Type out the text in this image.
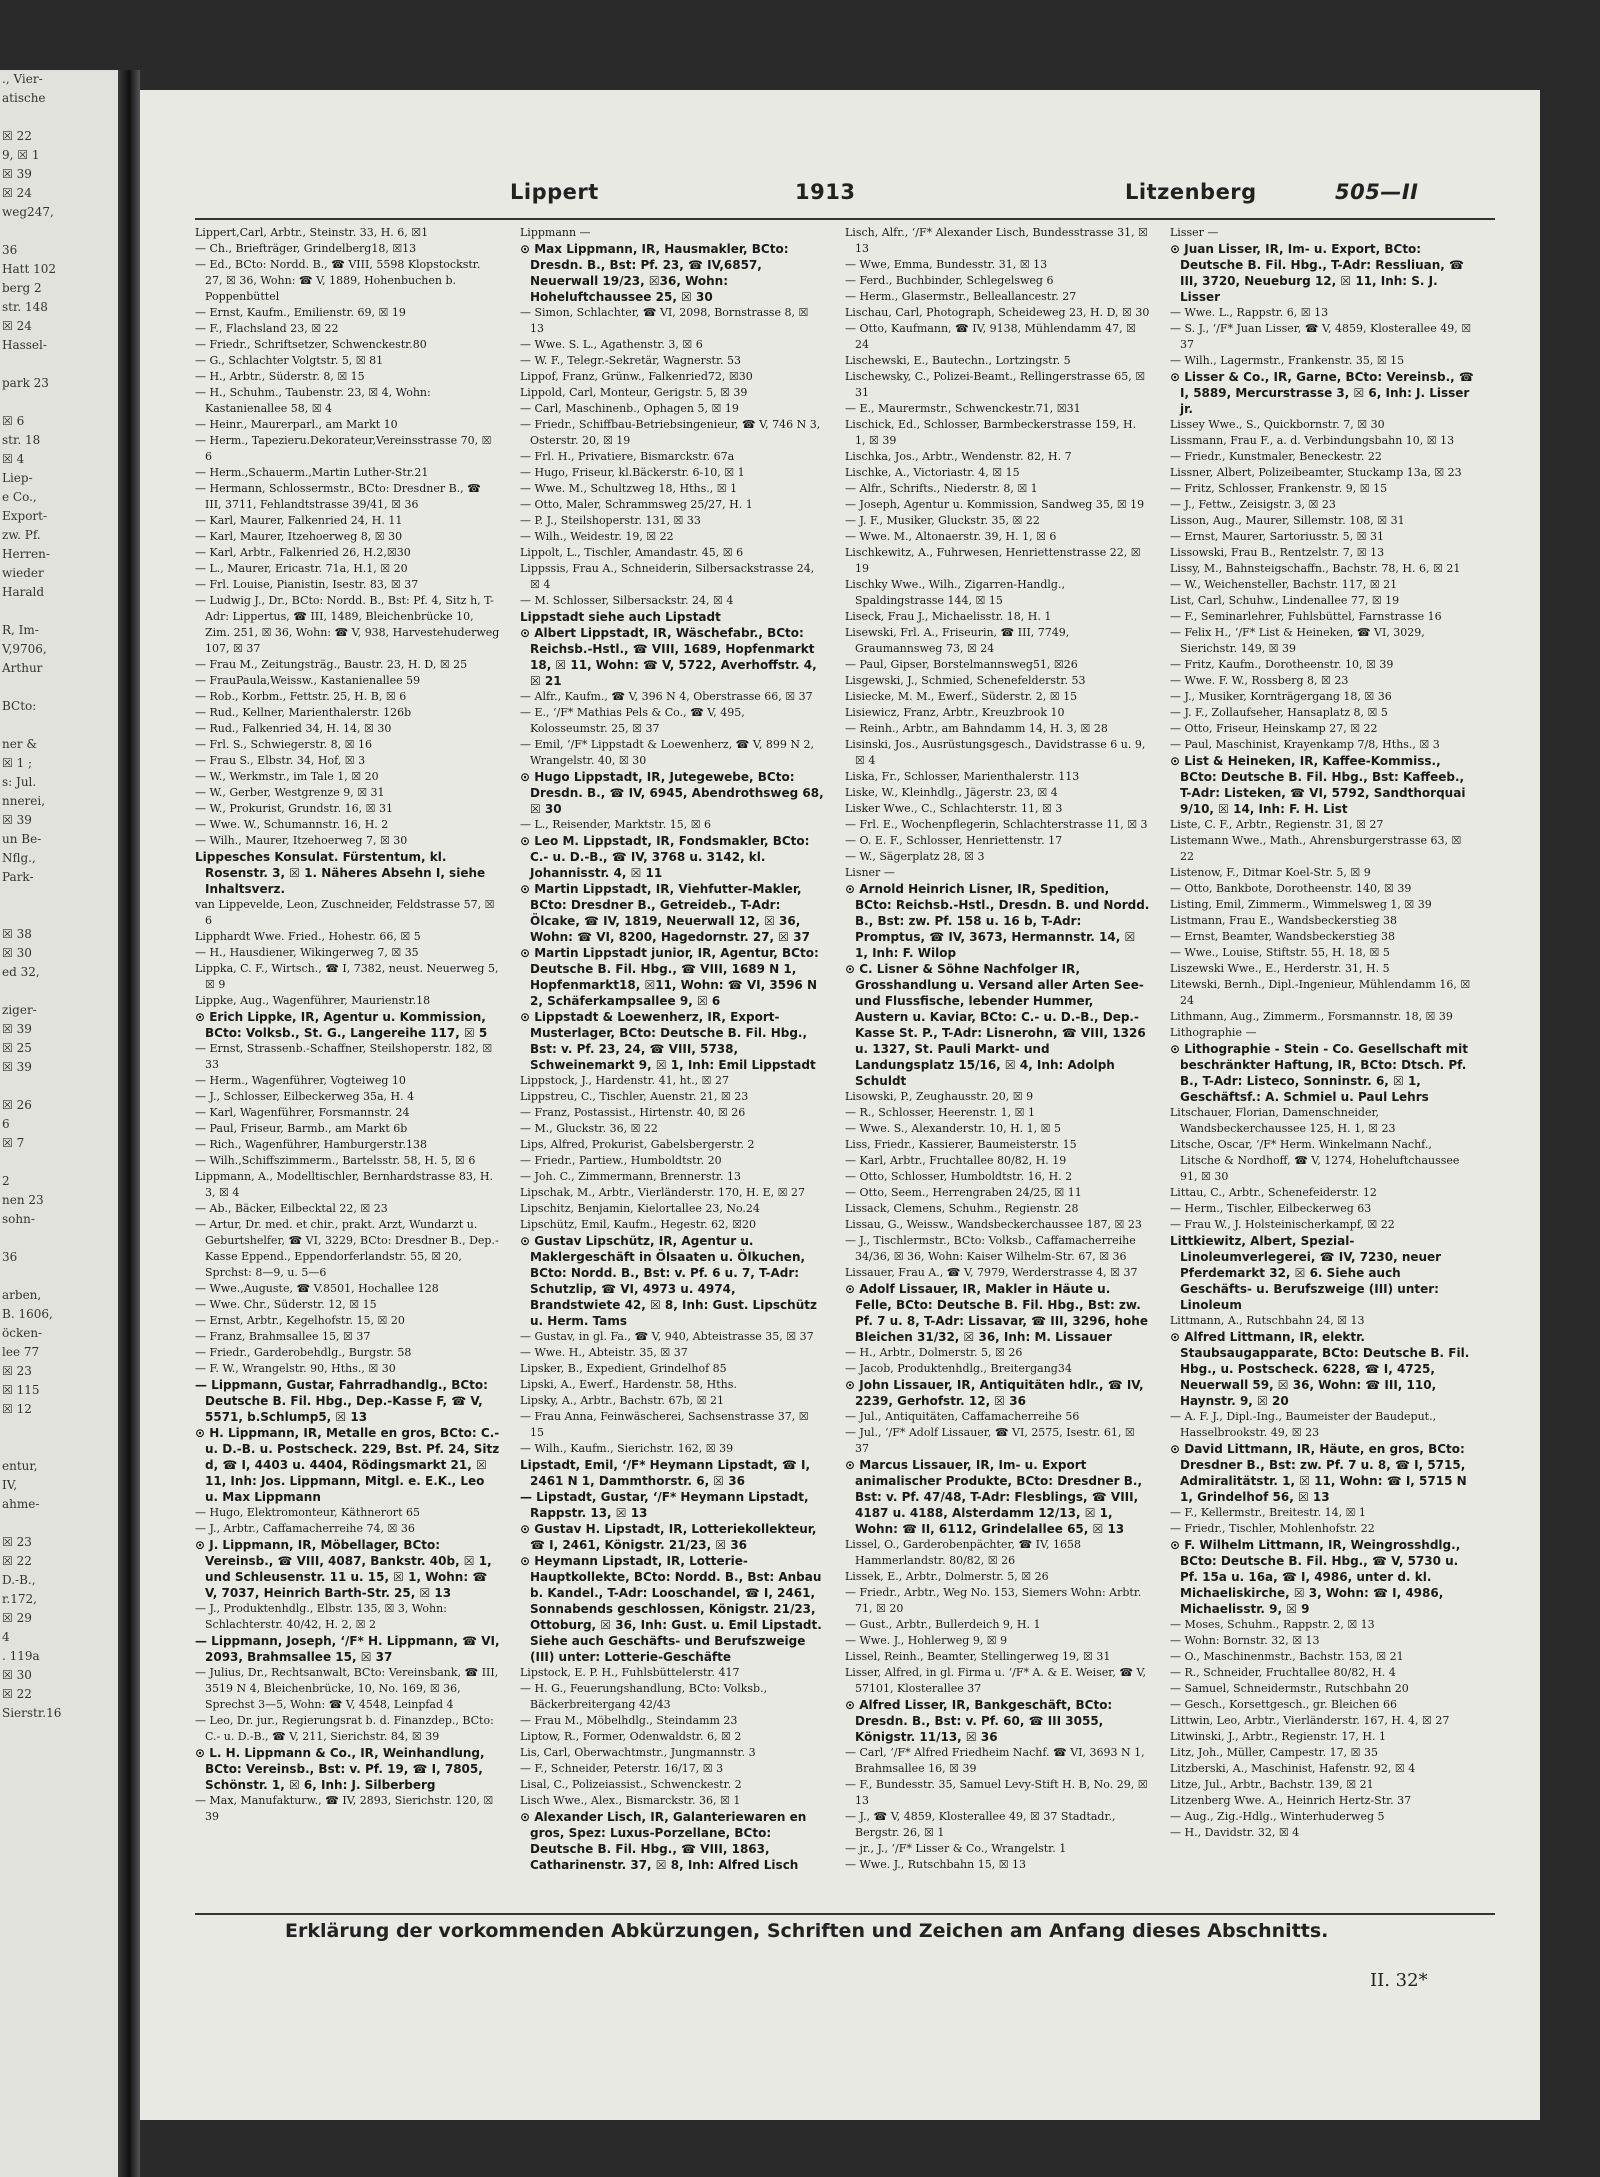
., Vier-

atische

☒ 22

9, ☒ 1

☒ 39

☒ 24

weg247,

36

Hatt 102

berg 2

str. 148

☒ 24

Hassel-

park 23

☒ 6

str. 18

☒ 4

Liep-

e Co.,

Export-

zw. Pf.

Herren-

wieder

Harald

R, Im-

V,9706,

Arthur

BCto:

ner &

☒ 1 ;

s: Jul.

nnerei,

☒ 39

un Be-

Nflg.,

Park-

☒ 38

☒ 30

ed 32,

ziger-

☒ 39

☒ 25

☒ 39

☒ 26

6

☒ 7

2

nen 23

sohn-

36

arben,

B. 1606,

öcken-

lee 77

☒ 23

☒ 115

☒ 12

entur,

IV,

ahme-

☒ 23

☒ 22

D.-B.,

r.172,

☒ 29

4

. 119a

☒ 30

☒ 22

Sierstr.16

Lippert	1913	Litzenberg	505—II

Lippert,Carl, Arbtr., Steinstr. 33, H. 6, ☒1

— Ch., Briefträger, Grindelberg18, ☒13

— Ed., BCto: Nordd. B., ☎ VIII, 5598 Klopstockstr. 27, ☒ 36, Wohn: ☎ V, 1889, Hohenbuchen b. Poppenbüttel

— Ernst, Kaufm., Emilienstr. 69, ☒ 19

— F., Flachsland 23, ☒ 22

— Friedr., Schriftsetzer, Schwenckestr.80

— G., Schlachter Volgtstr. 5, ☒ 81

— H., Arbtr., Süderstr. 8, ☒ 15

— H., Schuhm., Taubenstr. 23, ☒ 4, Wohn: Kastanienallee 58, ☒ 4

— Heinr., Maurerparl., am Markt 10

— Herm., Tapezieru.Dekorateur,Vereinsstrasse 70, ☒ 6

— Herm.,Schauerm.,Martin Luther-Str.21

— Hermann, Schlossermstr., BCto: Dresdner B., ☎ III, 3711, Fehlandtstrasse 39/41, ☒ 36

— Karl, Maurer, Falkenried 24, H. 11

— Karl, Maurer, Itzehoerweg 8, ☒ 30

— Karl, Arbtr., Falkenried 26, H.2,☒30

— L., Maurer, Ericastr. 71a, H.1, ☒ 20

— Frl. Louise, Pianistin, Isestr. 83, ☒ 37

— Ludwig J., Dr., BCto: Nordd. B., Bst: Pf. 4, Sitz h, T-Adr: Lippertus, ☎ III, 1489, Bleichenbrücke 10, Zim. 251, ☒ 36, Wohn: ☎ V, 938, Harvestehuderweg 107, ☒ 37

— Frau M., Zeitungsträg., Baustr. 23, H. D, ☒ 25

— FrauPaula,Weissw., Kastanienallee 59

— Rob., Korbm., Fettstr. 25, H. B, ☒ 6

— Rud., Kellner, Marienthalerstr. 126b

— Rud., Falkenried 34, H. 14, ☒ 30

— Frl. S., Schwiegerstr. 8, ☒ 16

— Frau S., Elbstr. 34, Hof, ☒ 3

— W., Werkmstr., im Tale 1, ☒ 20

— W., Gerber, Westgrenze 9, ☒ 31

— W., Prokurist, Grundstr. 16, ☒ 31

— Wwe. W., Schumannstr. 16, H. 2

— Wilh., Maurer, Itzehoerweg 7, ☒ 30

Lippesches Konsulat. Fürstentum, kl. Rosenstr. 3, ☒ 1. Näheres Absehn I, siehe Inhaltsverz.

van Lippevelde, Leon, Zuschneider, Feldstrasse 57, ☒ 6

Lipphardt Wwe. Fried., Hohestr. 66, ☒ 5

— H., Hausdiener, Wikingerweg 7, ☒ 35

Lippka, C. F., Wirtsch., ☎ I, 7382, neust. Neuerweg 5, ☒ 9

Lippke, Aug., Wagenführer, Maurienstr.18

⊙ Erich Lippke, IR, Agentur u. Kommission, BCto: Volksb., St. G., Langereihe 117, ☒ 5

— Ernst, Strassenb.-Schaffner, Steilshoperstr. 182, ☒ 33

— Herm., Wagenführer, Vogteiweg 10

— J., Schlosser, Eilbeckerweg 35a, H. 4

— Karl, Wagenführer, Forsmannstr. 24

— Paul, Friseur, Barmb., am Markt 6b

— Rich., Wagenführer, Hamburgerstr.138

— Wilh.,Schiffszimmerm., Bartelsstr. 58, H. 5, ☒ 6

Lippmann, A., Modelltischler, Bernhardstrasse 83, H. 3, ☒ 4

— Ab., Bäcker, Eilbecktal 22, ☒ 23

— Artur, Dr. med. et chir., prakt. Arzt, Wundarzt u. Geburtshelfer, ☎ VI, 3229, BCto: Dresdner B., Dep.-Kasse Eppend., Eppendorferlandstr. 55, ☒ 20, Sprchst: 8—9, u. 5—6

— Wwe.,Auguste, ☎ V.8501, Hochallee 128

— Wwe. Chr., Süderstr. 12, ☒ 15

— Ernst, Arbtr., Kegelhofstr. 15, ☒ 20

— Franz, Brahmsallee 15, ☒ 37

— Friedr., Garderobehdlg., Burgstr. 58

— F. W., Wrangelstr. 90, Hths., ☒ 30

— Lippmann, Gustar, Fahrradhandlg., BCto: Deutsche B. Fil. Hbg., Dep.-Kasse F, ☎ V, 5571, b.Schlump5, ☒ 13

⊙ H. Lippmann, IR, Metalle en gros, BCto: C.- u. D.-B. u. Postscheck. 229, Bst. Pf. 24, Sitz d, ☎ I, 4403 u. 4404, Rödingsmarkt 21, ☒ 11, Inh: Jos. Lippmann, Mitgl. e. E.K., Leo u. Max Lippmann

— Hugo, Elektromonteur, Käthnerort 65

— J., Arbtr., Caffamacherreihe 74, ☒ 36

⊙ J. Lippmann, IR, Möbellager, BCto: Vereinsb., ☎ VIII, 4087, Bankstr. 40b, ☒ 1, und Schleusenstr. 11 u. 15, ☒ 1, Wohn: ☎ V, 7037, Heinrich Barth-Str. 25, ☒ 13

— J., Produktenhdlg., Elbstr. 135, ☒ 3, Wohn: Schlachterstr. 40/42, H. 2, ☒ 2

— Lippmann, Joseph, ‘/F* H. Lippmann, ☎ VI, 2093, Brahmsallee 15, ☒ 37

— Julius, Dr., Rechtsanwalt, BCto: Vereinsbank, ☎ III, 3519 N 4, Bleichenbrücke, 10, No. 169, ☒ 36, Sprechst 3—5, Wohn: ☎ V, 4548, Leinpfad 4

— Leo, Dr. jur., Regierungsrat b. d. Finanzdep., BCto: C.- u. D.-B., ☎ V, 211, Sierichstr. 84, ☒ 39

⊙ L. H. Lippmann & Co., IR, Weinhandlung, BCto: Vereinsb., Bst: v. Pf. 19, ☎ I, 7805, Schönstr. 1, ☒ 6, Inh: J. Silberberg

— Max, Manufakturw., ☎ IV, 2893, Sierichstr. 120, ☒ 39

Lippmann —

⊙ Max Lippmann, IR, Hausmakler, BCto: Dresdn. B., Bst: Pf. 23, ☎ IV,6857, Neuerwall 19/23, ☒36, Wohn: Hoheluftchaussee 25, ☒ 30

— Simon, Schlachter, ☎ VI, 2098, Bornstrasse 8, ☒ 13

— Wwe. S. L., Agathenstr. 3, ☒ 6

— W. F., Telegr.-Sekretär, Wagnerstr. 53

Lippof, Franz, Grünw., Falkenried72, ☒30

Lippold, Carl, Monteur, Gerigstr. 5, ☒ 39

— Carl, Maschinenb., Ophagen 5, ☒ 19

— Friedr., Schiffbau-Betriebsingenieur, ☎ V, 746 N 3, Osterstr. 20, ☒ 19

— Frl. H., Privatiere, Bismarckstr. 67a

— Hugo, Friseur, kl.Bäckerstr. 6-10, ☒ 1

— Wwe. M., Schultzweg 18, Hths., ☒ 1

— Otto, Maler, Schrammsweg 25/27, H. 1

— P. J., Steilshoperstr. 131, ☒ 33

— Wilh., Weidestr. 19, ☒ 22

Lippolt, L., Tischler, Amandastr. 45, ☒ 6

Lippssis, Frau A., Schneiderin, Silbersackstrasse 24, ☒ 4

— M. Schlosser, Silbersackstr. 24, ☒ 4

Lippstadt siehe auch Lipstadt

⊙ Albert Lippstadt, IR, Wäschefabr., BCto: Reichsb.-Hstl., ☎ VIII, 1689, Hopfenmarkt 18, ☒ 11, Wohn: ☎ V, 5722, Averhoffstr. 4, ☒ 21

— Alfr., Kaufm., ☎ V, 396 N 4, Oberstrasse 66, ☒ 37

— E., ‘/F* Mathias Pels & Co., ☎ V, 495, Kolosseumstr. 25, ☒ 37

— Emil, ‘/F* Lippstadt & Loewenherz, ☎ V, 899 N 2, Wrangelstr. 40, ☒ 30

⊙ Hugo Lippstadt, IR, Jutegewebe, BCto: Dresdn. B., ☎ IV, 6945, Abendrothsweg 68, ☒ 30

— L., Reisender, Marktstr. 15, ☒ 6

⊙ Leo M. Lippstadt, IR, Fondsmakler, BCto: C.- u. D.-B., ☎ IV, 3768 u. 3142, kl. Johannisstr. 4, ☒ 11

⊙ Martin Lippstadt, IR, Viehfutter-Makler, BCto: Dresdner B., Getreideb., T-Adr: Ölcake, ☎ IV, 1819, Neuerwall 12, ☒ 36, Wohn: ☎ VI, 8200, Hagedornstr. 27, ☒ 37

⊙ Martin Lippstadt junior, IR, Agentur, BCto: Deutsche B. Fil. Hbg., ☎ VIII, 1689 N 1, Hopfenmarkt18, ☒11, Wohn: ☎ VI, 3596 N 2, Schäferkampsallee 9, ☒ 6

⊙ Lippstadt & Loewenherz, IR, Export-Musterlager, BCto: Deutsche B. Fil. Hbg., Bst: v. Pf. 23, 24, ☎ VIII, 5738, Schweinemarkt 9, ☒ 1, Inh: Emil Lippstadt

Lippstock, J., Hardenstr. 41, ht., ☒ 27

Lippstreu, C., Tischler, Auenstr. 21, ☒ 23

— Franz, Postassist., Hirtenstr. 40, ☒ 26

— M., Gluckstr. 36, ☒ 22

Lips, Alfred, Prokurist, Gabelsbergerstr. 2

— Friedr., Partiew., Humboldtstr. 20

— Joh. C., Zimmermann, Brennerstr. 13

Lipschak, M., Arbtr., Vierländerstr. 170, H. E, ☒ 27

Lipschitz, Benjamin, Kielortallee 23, No.24

Lipschütz, Emil, Kaufm., Hegestr. 62, ☒20

⊙ Gustav Lipschütz, IR, Agentur u. Maklergeschäft in Ölsaaten u. Ölkuchen, BCto: Nordd. B., Bst: v. Pf. 6 u. 7, T-Adr: Schutzlip, ☎ VI, 4973 u. 4974, Brandstwiete 42, ☒ 8, Inh: Gust. Lipschütz u. Herm. Tams

— Gustav, in gl. Fa., ☎ V, 940, Abteistrasse 35, ☒ 37

— Wwe. H., Abteistr. 35, ☒ 37

Lipsker, B., Expedient, Grindelhof 85

Lipski, A., Ewerf., Hardenstr. 58, Hths.

Lipsky, A., Arbtr., Bachstr. 67b, ☒ 21

— Frau Anna, Feinwäscherei, Sachsenstrasse 37, ☒ 15

— Wilh., Kaufm., Sierichstr. 162, ☒ 39

Lipstadt, Emil, ‘/F* Heymann Lipstadt, ☎ I, 2461 N 1, Dammthorstr. 6, ☒ 36

— Lipstadt, Gustar, ‘/F* Heymann Lipstadt, Rappstr. 13, ☒ 13

⊙ Gustav H. Lipstadt, IR, Lotteriekollekteur, ☎ I, 2461, Königstr. 21/23, ☒ 36

⊙ Heymann Lipstadt, IR, Lotterie-Hauptkollekte, BCto: Nordd. B., Bst: Anbau b. Kandel., T-Adr: Looschandel, ☎ I, 2461, Sonnabends geschlossen, Königstr. 21/23, Ottoburg, ☒ 36, Inh: Gust. u. Emil Lipstadt. Siehe auch Geschäfts- und Berufszweige (III) unter: Lotterie-Geschäfte

Lipstock, E. P. H., Fuhlsbüttelerstr. 417

— H. G., Feuerungshandlung, BCto: Volksb., Bäckerbreitergang 42/43

— Frau M., Möbelhdlg., Steindamm 23

Liptow, R., Former, Odenwaldstr. 6, ☒ 2

Lis, Carl, Oberwachtmstr., Jungmannstr. 3

— F., Schneider, Peterstr. 16/17, ☒ 3

Lisal, C., Polizeiassist., Schwenckestr. 2

Lisch Wwe., Alex., Bismarckstr. 36, ☒ 1

⊙ Alexander Lisch, IR, Galanteriewaren en gros, Spez: Luxus-Porzellane, BCto: Deutsche B. Fil. Hbg., ☎ VIII, 1863, Catharinenstr. 37, ☒ 8, Inh: Alfred Lisch

Lisch, Alfr., ‘/F* Alexander Lisch, Bundesstrasse 31, ☒ 13

— Wwe, Emma, Bundesstr. 31, ☒ 13

— Ferd., Buchbinder, Schlegelsweg 6

— Herm., Glasermstr., Belleallancestr. 27

Lischau, Carl, Photograph, Scheideweg 23, H. D, ☒ 30

— Otto, Kaufmann, ☎ IV, 9138, Mühlendamm 47, ☒ 24

Lischewski, E., Bautechn., Lortzingstr. 5

Lischewsky, C., Polizei-Beamt., Rellingerstrasse 65, ☒ 31

— E., Maurermstr., Schwenckestr.71, ☒31

Lischick, Ed., Schlosser, Barmbeckerstrasse 159, H. 1, ☒ 39

Lischka, Jos., Arbtr., Wendenstr. 82, H. 7

Lischke, A., Victoriastr. 4, ☒ 15

— Alfr., Schrifts., Niederstr. 8, ☒ 1

— Joseph, Agentur u. Kommission, Sandweg 35, ☒ 19

— J. F., Musiker, Gluckstr. 35, ☒ 22

— Wwe. M., Altonaerstr. 39, H. 1, ☒ 6

Lischkewitz, A., Fuhrwesen, Henriettenstrasse 22, ☒ 19

Lischky Wwe., Wilh., Zigarren-Handlg., Spaldingstrasse 144, ☒ 15

Liseck, Frau J., Michaelisstr. 18, H. 1

Lisewski, Frl. A., Friseurin, ☎ III, 7749, Graumannsweg 73, ☒ 24

— Paul, Gipser, Borstelmannsweg51, ☒26

Lisgewski, J., Schmied, Schenefelderstr. 53

Lisiecke, M. M., Ewerf., Süderstr. 2, ☒ 15

Lisiewicz, Franz, Arbtr., Kreuzbrook 10

— Reinh., Arbtr., am Bahndamm 14, H. 3, ☒ 28

Lisinski, Jos., Ausrüstungsgesch., Davidstrasse 6 u. 9, ☒ 4

Liska, Fr., Schlosser, Marienthalerstr. 113

Liske, W., Kleinhdlg., Jägerstr. 23, ☒ 4

Lisker Wwe., C., Schlachterstr. 11, ☒ 3

— Frl. E., Wochenpflegerin, Schlachterstrasse 11, ☒ 3

— O. E. F., Schlosser, Henriettenstr. 17

— W., Sägerplatz 28, ☒ 3

Lisner —

⊙ Arnold Heinrich Lisner, IR, Spedition, BCto: Reichsb.-Hstl., Dresdn. B. und Nordd. B., Bst: zw. Pf. 158 u. 16 b, T-Adr: Promptus, ☎ IV, 3673, Hermannstr. 14, ☒ 1, Inh: F. Wilop

⊙ C. Lisner & Söhne Nachfolger IR, Grosshandlung u. Versand aller Arten See- und Flussfische, lebender Hummer, Austern u. Kaviar, BCto: C.- u. D.-B., Dep.-Kasse St. P., T-Adr: Lisnerohn, ☎ VIII, 1326 u. 1327, St. Pauli Markt- und Landungsplatz 15/16, ☒ 4, Inh: Adolph Schuldt

Lisowski, P., Zeughausstr. 20, ☒ 9

— R., Schlosser, Heerenstr. 1, ☒ 1

— Wwe. S., Alexanderstr. 10, H. 1, ☒ 5

Liss, Friedr., Kassierer, Baumeisterstr. 15

— Karl, Arbtr., Fruchtallee 80/82, H. 19

— Otto, Schlosser, Humboldtstr. 16, H. 2

— Otto, Seem., Herrengraben 24/25, ☒ 11

Lissack, Clemens, Schuhm., Regienstr. 28

Lissau, G., Weissw., Wandsbeckerchaussee 187, ☒ 23

— J., Tischlermstr., BCto: Volksb., Caffamacherreihe 34/36, ☒ 36, Wohn: Kaiser Wilhelm-Str. 67, ☒ 36

Lissauer, Frau A., ☎ V, 7979, Werderstrasse 4, ☒ 37

⊙ Adolf Lissauer, IR, Makler in Häute u. Felle, BCto: Deutsche B. Fil. Hbg., Bst: zw. Pf. 7 u. 8, T-Adr: Lissavar, ☎ III, 3296, hohe Bleichen 31/32, ☒ 36, Inh: M. Lissauer

— H., Arbtr., Dolmerstr. 5, ☒ 26

— Jacob, Produktenhdlg., Breitergang34

⊙ John Lissauer, IR, Antiquitäten hdlr., ☎ IV, 2239, Gerhofstr. 12, ☒ 36

— Jul., Antiquitäten, Caffamacherreihe 56

— Jul., ‘/F* Adolf Lissauer, ☎ VI, 2575, Isestr. 61, ☒ 37

⊙ Marcus Lissauer, IR, Im- u. Export animalischer Produkte, BCto: Dresdner B., Bst: v. Pf. 47/48, T-Adr: Flesblings, ☎ VIII, 4187 u. 4188, Alsterdamm 12/13, ☒ 1, Wohn: ☎ II, 6112, Grindelallee 65, ☒ 13

Lissel, O., Garderobenpächter, ☎ IV, 1658 Hammerlandstr. 80/82, ☒ 26

Lissek, E., Arbtr., Dolmerstr. 5, ☒ 26

— Friedr., Arbtr., Weg No. 153, Siemers Wohn: Arbtr. 71, ☒ 20

— Gust., Arbtr., Bullerdeich 9, H. 1

— Wwe. J., Hohlerweg 9, ☒ 9

Lissel, Reinh., Beamter, Stellingerweg 19, ☒ 31

Lisser, Alfred, in gl. Firma u. ‘/F* A. & E. Weiser, ☎ V, 57101, Klosterallee 37

⊙ Alfred Lisser, IR, Bankgeschäft, BCto: Dresdn. B., Bst: v. Pf. 60, ☎ III 3055, Königstr. 11/13, ☒ 36

— Carl, ‘/F* Alfred Friedheim Nachf. ☎ VI, 3693 N 1, Brahmsallee 16, ☒ 39

— F., Bundesstr. 35, Samuel Levy-Stift H. B, No. 29, ☒ 13

— J., ☎ V, 4859, Klosterallee 49, ☒ 37 Stadtadr., Bergstr. 26, ☒ 1

— jr., J., ‘/F* Lisser & Co., Wrangelstr. 1

— Wwe. J., Rutschbahn 15, ☒ 13

Lisser —

⊙ Juan Lisser, IR, Im- u. Export, BCto: Deutsche B. Fil. Hbg., T-Adr: Ressliuan, ☎ III, 3720, Neueburg 12, ☒ 11, Inh: S. J. Lisser

— Wwe. L., Rappstr. 6, ☒ 13

— S. J., ‘/F* Juan Lisser, ☎ V, 4859, Klosterallee 49, ☒ 37

— Wilh., Lagermstr., Frankenstr. 35, ☒ 15

⊙ Lisser & Co., IR, Garne, BCto: Vereinsb., ☎ I, 5889, Mercurstrasse 3, ☒ 6, Inh: J. Lisser jr.

Lissey Wwe., S., Quickbornstr. 7, ☒ 30

Lissmann, Frau F., a. d. Verbindungsbahn 10, ☒ 13

— Friedr., Kunstmaler, Beneckestr. 22

Lissner, Albert, Polizeibeamter, Stuckamp 13a, ☒ 23

— Fritz, Schlosser, Frankenstr. 9, ☒ 15

— J., Fettw., Zeisigstr. 3, ☒ 23

Lisson, Aug., Maurer, Sillemstr. 108, ☒ 31

— Ernst, Maurer, Sartoriusstr. 5, ☒ 31

Lissowski, Frau B., Rentzelstr. 7, ☒ 13

Lissy, M., Bahnsteigschaffn., Bachstr. 78, H. 6, ☒ 21

— W., Weichensteller, Bachstr. 117, ☒ 21

List, Carl, Schuhw., Lindenallee 77, ☒ 19

— F., Seminarlehrer, Fuhlsbüttel, Farnstrasse 16

— Felix H., ‘/F* List & Heineken, ☎ VI, 3029, Sierichstr. 149, ☒ 39

— Fritz, Kaufm., Dorotheenstr. 10, ☒ 39

— Wwe. F. W., Rossberg 8, ☒ 23

— J., Musiker, Kornträgergang 18, ☒ 36

— J. F., Zollaufseher, Hansaplatz 8, ☒ 5

— Otto, Friseur, Heinskamp 27, ☒ 22

— Paul, Maschinist, Krayenkamp 7/8, Hths., ☒ 3

⊙ List & Heineken, IR, Kaffee-Kommiss., BCto: Deutsche B. Fil. Hbg., Bst: Kaffeeb., T-Adr: Listeken, ☎ VI, 5792, Sandthorquai 9/10, ☒ 14, Inh: F. H. List

Liste, C. F., Arbtr., Regienstr. 31, ☒ 27

Listemann Wwe., Math., Ahrensburgerstrasse 63, ☒ 22

Listenow, F., Ditmar Koel-Str. 5, ☒ 9

— Otto, Bankbote, Dorotheenstr. 140, ☒ 39

Listing, Emil, Zimmerm., Wimmelsweg 1, ☒ 39

Listmann, Frau E., Wandsbeckerstieg 38

— Ernst, Beamter, Wandsbeckerstieg 38

— Wwe., Louise, Stiftstr. 55, H. 18, ☒ 5

Liszewski Wwe., E., Herderstr. 31, H. 5

Litewski, Bernh., Dipl.-Ingenieur, Mühlendamm 16, ☒ 24

Lithmann, Aug., Zimmerm., Forsmannstr. 18, ☒ 39

Lithographie —

⊙ Lithographie - Stein - Co. Gesellschaft mit beschränkter Haftung, IR, BCto: Dtsch. Pf. B., T-Adr: Listeco, Sonninstr. 6, ☒ 1, Geschäftsf.: A. Schmiel u. Paul Lehrs

Litschauer, Florian, Damenschneider, Wandsbeckerchaussee 125, H. 1, ☒ 23

Litsche, Oscar, ‘/F* Herm. Winkelmann Nachf., Litsche & Nordhoff, ☎ V, 1274, Hoheluftchaussee 91, ☒ 30

Littau, C., Arbtr., Schenefeiderstr. 12

— Herm., Tischler, Eilbeckerweg 63

— Frau W., J. Holsteinischerkampf, ☒ 22

Littkiewitz, Albert, Spezial-Linoleumverlegerei, ☎ IV, 7230, neuer Pferdemarkt 32, ☒ 6. Siehe auch Geschäfts- u. Berufszweige (III) unter: Linoleum

Littmann, A., Rutschbahn 24, ☒ 13

⊙ Alfred Littmann, IR, elektr. Staubsaugapparate, BCto: Deutsche B. Fil. Hbg., u. Postscheck. 6228, ☎ I, 4725, Neuerwall 59, ☒ 36, Wohn: ☎ III, 110, Haynstr. 9, ☒ 20

— A. F. J., Dipl.-Ing., Baumeister der Baudeput., Hasselbrookstr. 49, ☒ 23

⊙ David Littmann, IR, Häute, en gros, BCto: Dresdner B., Bst: zw. Pf. 7 u. 8, ☎ I, 5715, Admiralitätstr. 1, ☒ 11, Wohn: ☎ I, 5715 N 1, Grindelhof 56, ☒ 13

— F., Kellermstr., Breitestr. 14, ☒ 1

— Friedr., Tischler, Mohlenhofstr. 22

⊙ F. Wilhelm Littmann, IR, Weingrosshdlg., BCto: Deutsche B. Fil. Hbg., ☎ V, 5730 u. Pf. 15a u. 16a, ☎ I, 4986, unter d. kl. Michaeliskirche, ☒ 3, Wohn: ☎ I, 4986, Michaelisstr. 9, ☒ 9

— Moses, Schuhm., Rappstr. 2, ☒ 13

— Wohn: Bornstr. 32, ☒ 13

— O., Maschinenmstr., Bachstr. 153, ☒ 21

— R., Schneider, Fruchtallee 80/82, H. 4

— Samuel, Schneidermstr., Rutschbahn 20

— Gesch., Korsettgesch., gr. Bleichen 66

Littwin, Leo, Arbtr., Vierländerstr. 167, H. 4, ☒ 27

Litwinski, J., Arbtr., Regienstr. 17, H. 1

Litz, Joh., Müller, Campestr. 17, ☒ 35

Litzberski, A., Maschinist, Hafenstr. 92, ☒ 4

Litze, Jul., Arbtr., Bachstr. 139, ☒ 21

Litzenberg Wwe. A., Heinrich Hertz-Str. 37

— Aug., Zig.-Hdlg., Winterhuderweg 5

— H., Davidstr. 32, ☒ 4

Erklärung der vorkommenden Abkürzungen, Schriften und Zeichen am Anfang dieses Abschnitts.
II. 32*
